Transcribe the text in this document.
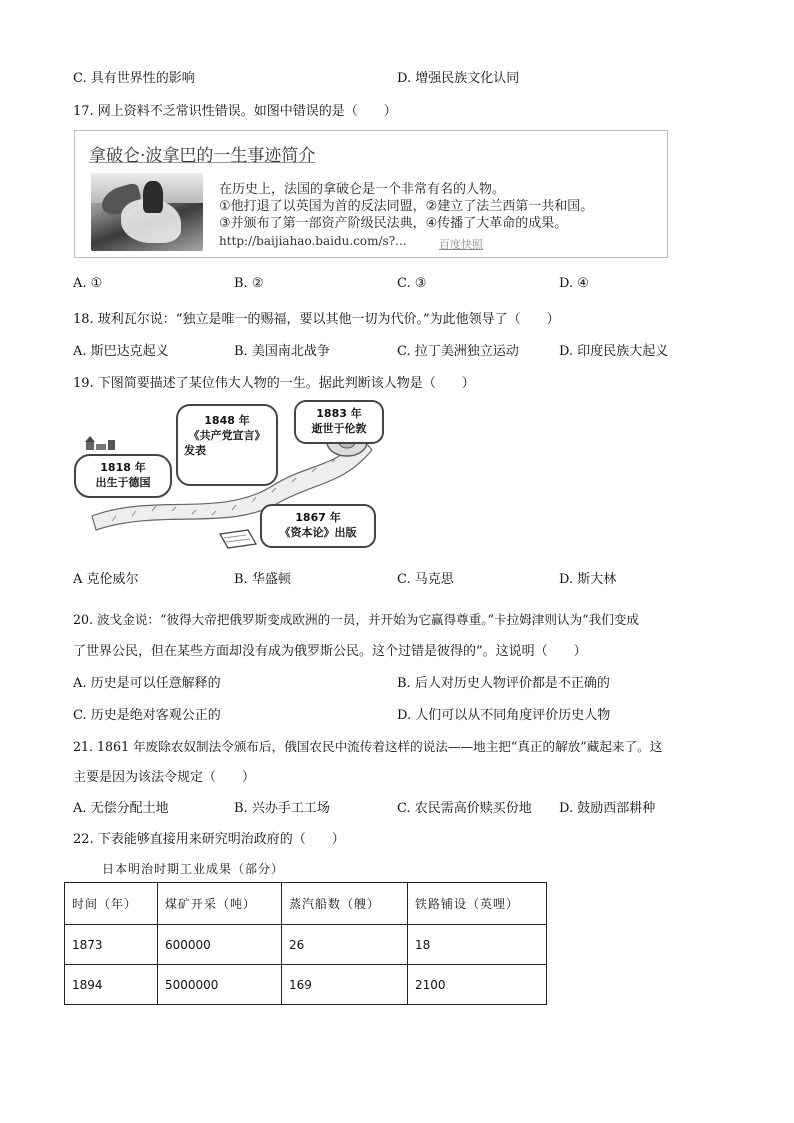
C. 具有世界性的影响	D. 增强民族文化认同
17. 网上资料不乏常识性错误。如图中错误的是（　　）
拿破仑·波拿巴的一生事迹简介
在历史上，法国的拿破仑是一个非常有名的人物。
①他打退了以英国为首的反法同盟，②建立了法兰西第一共和国。
③并颁布了第一部资产阶级民法典，④传播了大革命的成果。
http://baijiahao.baidu.com/s?...	百度快照
A. ①	B. ②	C. ③	D. ④
18. 玻利瓦尔说：“独立是唯一的赐福，要以其他一切为代价。”为此他领导了（　　）
A. 斯巴达克起义	B. 美国南北战争	C. 拉丁美洲独立运动	D. 印度民族大起义
19. 下图简要描述了某位伟大人物的一生。据此判断该人物是（　　）
1848 年
《共产党宣言》
发表
1883 年
逝世于伦敦
1818 年
出生于德国
1867 年
《资本论》出版
A 克伦威尔	B. 华盛顿	C. 马克思	D. 斯大林
20. 波戈金说：“彼得大帝把俄罗斯变成欧洲的一员，并开始为它赢得尊重。”卡拉姆津则认为“我们变成
了世界公民，但在某些方面却没有成为俄罗斯公民。这个过错是彼得的”。这说明（　　）
A. 历史是可以任意解释的	B. 后人对历史人物评价都是不正确的
C. 历史是绝对客观公正的	D. 人们可以从不同角度评价历史人物
21. 1861 年废除农奴制法令颁布后，俄国农民中流传着这样的说法——地主把“真正的解放”藏起来了。这
主要是因为该法令规定（　　）
A. 无偿分配土地	B. 兴办手工工场	C. 农民需高价赎买份地 D. 鼓励西部耕种
22. 下表能够直接用来研究明治政府的（　　）
日本明治时期工业成果（部分）
时间（年）	煤矿开采（吨）	蒸汽船数（艘）	铁路铺设（英哩）
1873	600000	26	18
1894	5000000	169	2100
